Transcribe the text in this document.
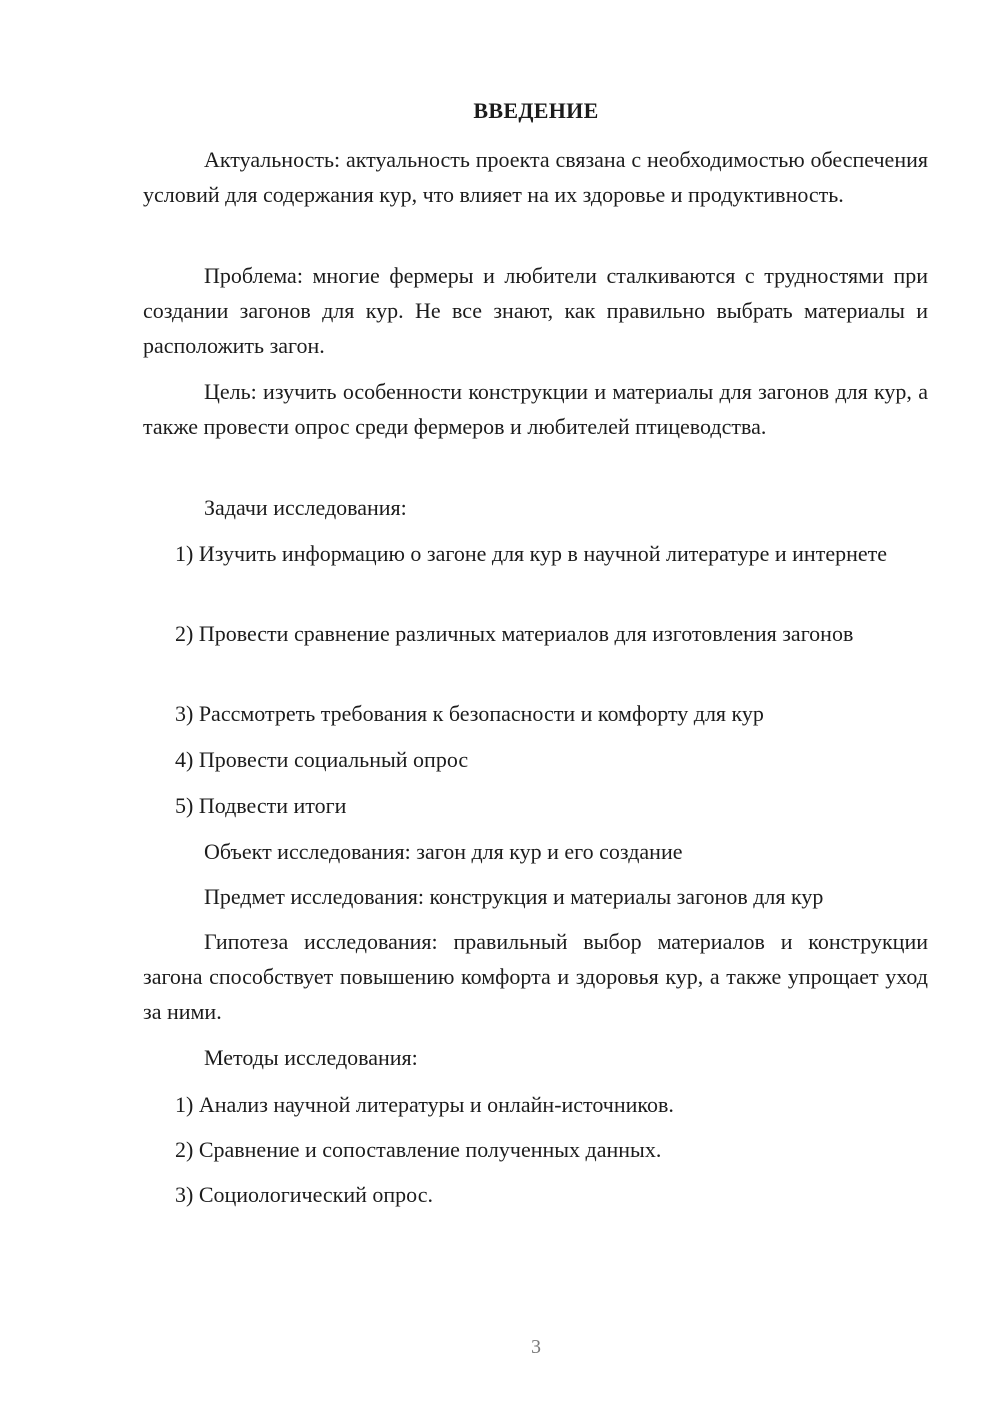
ВВЕДЕНИЕ
Актуальность: актуальность проекта связана с необходимостью обеспечения условий для содержания кур, что влияет на их здоровье и продуктивность.
Проблема: многие фермеры и любители сталкиваются с трудностями при создании загонов для кур. Не все знают, как правильно выбрать материалы и расположить загон.
Цель: изучить особенности конструкции и материалы для загонов для кур, а также провести опрос среди фермеров и любителей птицеводства.
Задачи исследования:
1) Изучить информацию о загоне для кур в научной литературе и интернете
2) Провести сравнение различных материалов для изготовления загонов
3) Рассмотреть требования к безопасности и комфорту для кур
4) Провести социальный опрос
5) Подвести итоги
Объект исследования: загон для кур и его создание
Предмет исследования: конструкция и материалы загонов для кур
Гипотеза исследования: правильный выбор материалов и конструкции загона способствует повышению комфорта и здоровья кур, а также упрощает уход за ними.
Методы исследования:
1) Анализ научной литературы и онлайн-источников.
2) Сравнение и сопоставление полученных данных.
3) Социологический опрос.
3
